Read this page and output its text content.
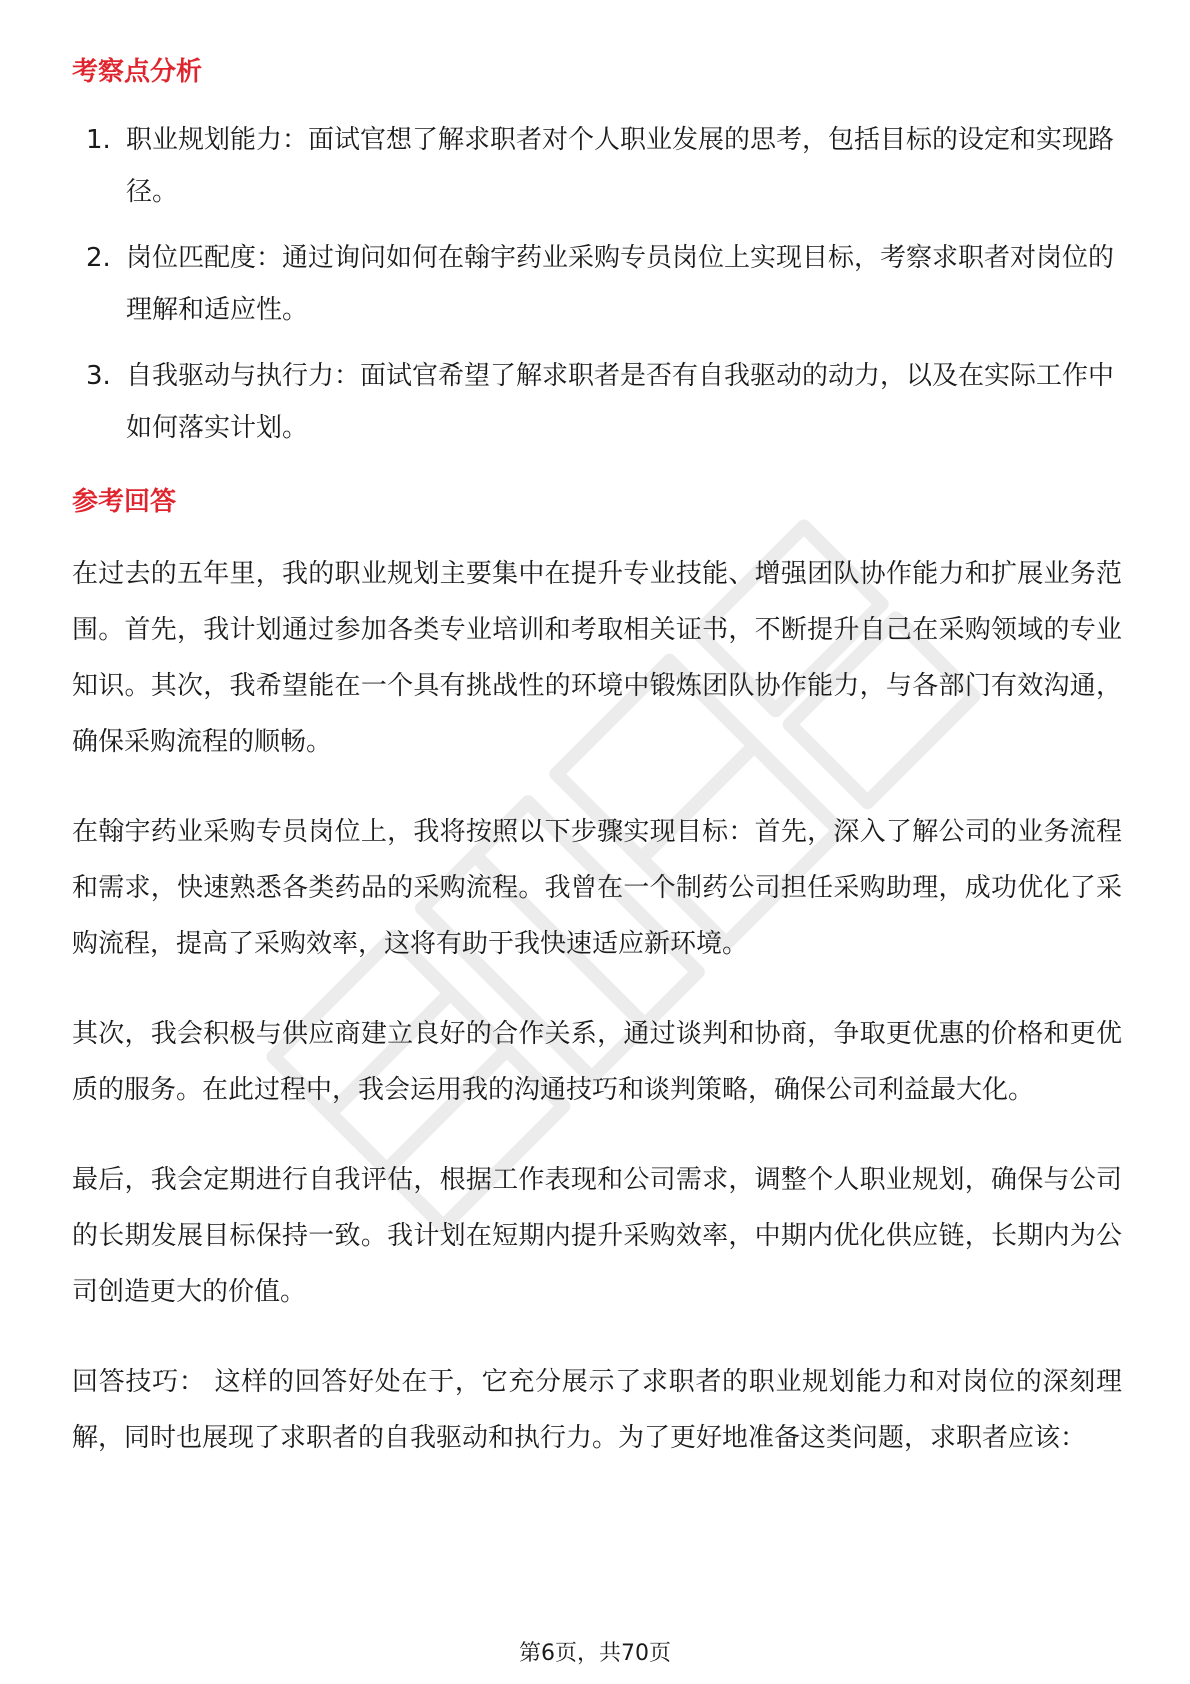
考察点分析
1. 职业规划能力：面试官想了解求职者对个人职业发展的思考，包括目标的设定和实现路径。
2. 岗位匹配度：通过询问如何在翰宇药业采购专员岗位上实现目标，考察求职者对岗位的理解和适应性。
3. 自我驱动与执行力：面试官希望了解求职者是否有自我驱动的动力，以及在实际工作中如何落实计划。
参考回答

在过去的五年里，我的职业规划主要集中在提升专业技能、增强团队协作能力和扩展业务范围。首先，我计划通过参加各类专业培训和考取相关证书，不断提升自己在采购领域的专业知识。其次，我希望能在一个具有挑战性的环境中锻炼团队协作能力，与各部门有效沟通，确保采购流程的顺畅。

在翰宇药业采购专员岗位上，我将按照以下步骤实现目标：首先，深入了解公司的业务流程和需求，快速熟悉各类药品的采购流程。我曾在一个制药公司担任采购助理，成功优化了采购流程，提高了采购效率，这将有助于我快速适应新环境。

其次，我会积极与供应商建立良好的合作关系，通过谈判和协商，争取更优惠的价格和更优质的服务。在此过程中，我会运用我的沟通技巧和谈判策略，确保公司利益最大化。

最后，我会定期进行自我评估，根据工作表现和公司需求，调整个人职业规划，确保与公司的长期发展目标保持一致。我计划在短期内提升采购效率，中期内优化供应链，长期内为公司创造更大的价值。

回答技巧： 这样的回答好处在于，它充分展示了求职者的职业规划能力和对岗位的深刻理解，同时也展现了求职者的自我驱动和执行力。为了更好地准备这类问题，求职者应该：

第6页，共70页
